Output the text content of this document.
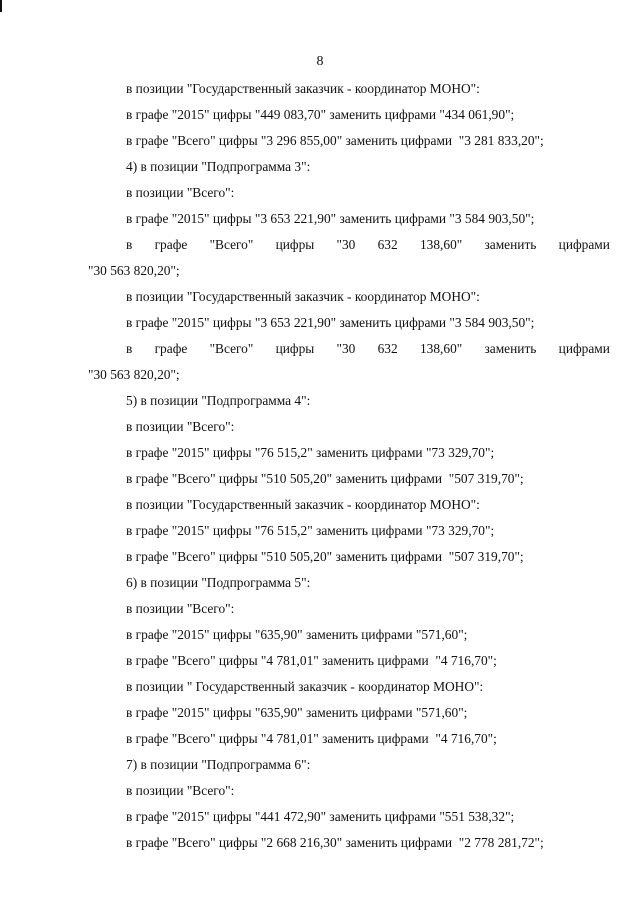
8
в позиции "Государственный заказчик - координатор МОНО":
в графе "2015" цифры "449 083,70" заменить цифрами "434 061,90";
в графе "Всего" цифры "3 296 855,00" заменить цифрами  "3 281 833,20";
4) в позиции "Подпрограмма 3":
в позиции "Всего":
в графе "2015" цифры "3 653 221,90" заменить цифрами "3 584 903,50";
в графе "Всего" цифры "30 632 138,60" заменить цифрами
"30 563 820,20";
в позиции "Государственный заказчик - координатор МОНО":
в графе "2015" цифры "3 653 221,90" заменить цифрами "3 584 903,50";
в графе "Всего" цифры "30 632 138,60" заменить цифрами
"30 563 820,20";
5) в позиции "Подпрограмма 4":
в позиции "Всего":
в графе "2015" цифры "76 515,2" заменить цифрами "73 329,70";
в графе "Всего" цифры "510 505,20" заменить цифрами  "507 319,70";
в позиции "Государственный заказчик - координатор МОНО":
в графе "2015" цифры "76 515,2" заменить цифрами "73 329,70";
в графе "Всего" цифры "510 505,20" заменить цифрами  "507 319,70";
6) в позиции "Подпрограмма 5":
в позиции "Всего":
в графе "2015" цифры "635,90" заменить цифрами "571,60";
в графе "Всего" цифры "4 781,01" заменить цифрами  "4 716,70";
в позиции " Государственный заказчик - координатор МОНО":
в графе "2015" цифры "635,90" заменить цифрами "571,60";
в графе "Всего" цифры "4 781,01" заменить цифрами  "4 716,70";
7) в позиции "Подпрограмма 6":
в позиции "Всего":
в графе "2015" цифры "441 472,90" заменить цифрами "551 538,32";
в графе "Всего" цифры "2 668 216,30" заменить цифрами  "2 778 281,72";
